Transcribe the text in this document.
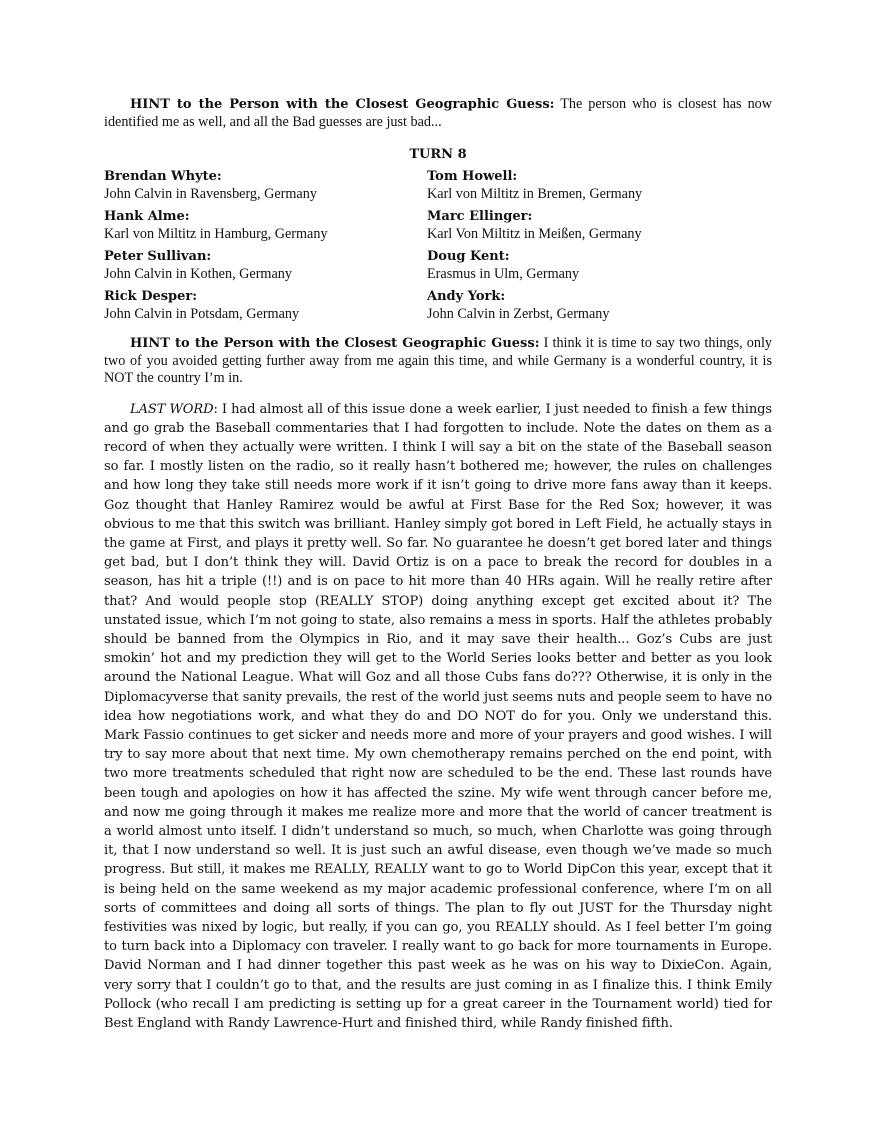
HINT to the Person with the Closest Geographic Guess: The person who is closest has now identified me as well, and all the Bad guesses are just bad...

TURN 8
Brendan Whyte:
John Calvin in Ravensberg, Germany
Tom Howell:
Karl von Miltitz in Bremen, Germany
Hank Alme:
Karl von Miltitz in Hamburg, Germany
Marc Ellinger:
Karl Von Miltitz in Meißen, Germany
Peter Sullivan:
John Calvin in Kothen, Germany
Doug Kent:
Erasmus in Ulm, Germany
Rick Desper:
John Calvin in Potsdam, Germany
Andy York:
John Calvin in Zerbst, Germany

HINT to the Person with the Closest Geographic Guess: I think it is time to say two things, only two of you avoided getting further away from me again this time, and while Germany is a wonderful country, it is NOT the country I’m in.

LAST WORD: I had almost all of this issue done a week earlier, I just needed to finish a few things and go grab the Baseball commentaries that I had forgotten to include. Note the dates on them as a record of when they actually were written. I think I will say a bit on the state of the Baseball season so far. I mostly listen on the radio, so it really hasn’t bothered me; however, the rules on challenges and how long they take still needs more work if it isn’t going to drive more fans away than it keeps. Goz thought that Hanley Ramirez would be awful at First Base for the Red Sox; however, it was obvious to me that this switch was brilliant. Hanley simply got bored in Left Field, he actually stays in the game at First, and plays it pretty well. So far. No guarantee he doesn’t get bored later and things get bad, but I don’t think they will. David Ortiz is on a pace to break the record for doubles in a season, has hit a triple (!!) and is on pace to hit more than 40 HRs again. Will he really retire after that? And would people stop (REALLY STOP) doing anything except get excited about it? The unstated issue, which I’m not going to state, also remains a mess in sports. Half the athletes probably should be banned from the Olympics in Rio, and it may save their health... Goz’s Cubs are just smokin’ hot and my prediction they will get to the World Series looks better and better as you look around the National League. What will Goz and all those Cubs fans do??? Otherwise, it is only in the Diplomacyverse that sanity prevails, the rest of the world just seems nuts and people seem to have no idea how negotiations work, and what they do and DO NOT do for you. Only we understand this. Mark Fassio continues to get sicker and needs more and more of your prayers and good wishes. I will try to say more about that next time. My own chemotherapy remains perched on the end point, with two more treatments scheduled that right now are scheduled to be the end. These last rounds have been tough and apologies on how it has affected the szine. My wife went through cancer before me, and now me going through it makes me realize more and more that the world of cancer treatment is a world almost unto itself. I didn’t understand so much, so much, when Charlotte was going through it, that I now understand so well. It is just such an awful disease, even though we’ve made so much progress. But still, it makes me REALLY, REALLY want to go to World DipCon this year, except that it is being held on the same weekend as my major academic professional conference, where I’m on all sorts of committees and doing all sorts of things. The plan to fly out JUST for the Thursday night festivities was nixed by logic, but really, if you can go, you REALLY should. As I feel better I’m going to turn back into a Diplomacy con traveler. I really want to go back for more tournaments in Europe. David Norman and I had dinner together this past week as he was on his way to DixieCon. Again, very sorry that I couldn’t go to that, and the results are just coming in as I finalize this. I think Emily Pollock (who recall I am predicting is setting up for a great career in the Tournament world) tied for Best England with Randy Lawrence-Hurt and finished third, while Randy finished fifth.
